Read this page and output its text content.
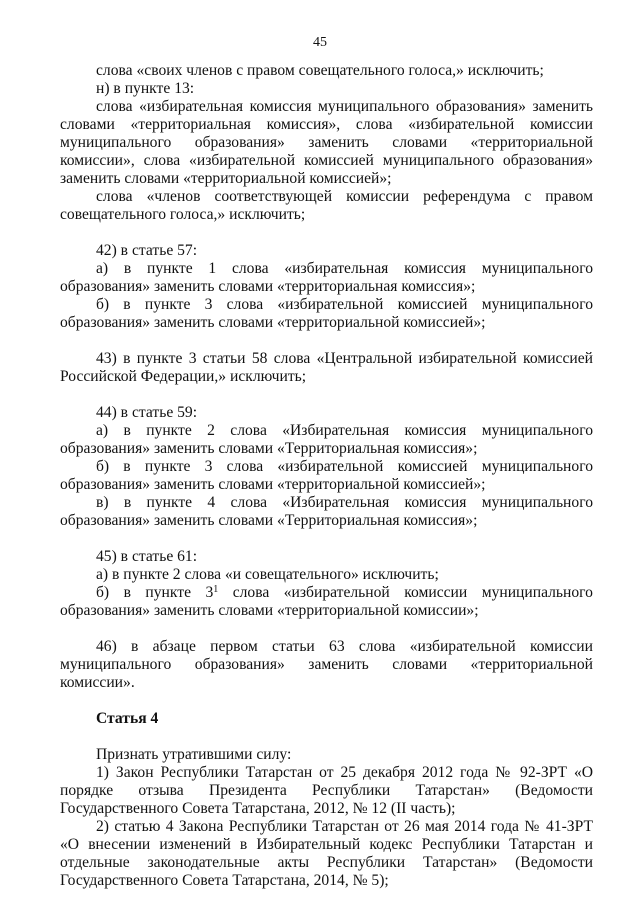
45

слова «своих членов с правом совещательного голоса,» исключить;

н) в пункте 13:

слова «избирательная комиссия муниципального образования» заменить словами «территориальная комиссия», слова «избирательной комиссии муниципального образования» заменить словами «территориальной комиссии», слова «избирательной комиссией муниципального образования» заменить словами «территориальной комиссией»;

слова «членов соответствующей комиссии референдума с правом совещательного голоса,» исключить;

42) в статье 57:

а) в пункте 1 слова «избирательная комиссия муниципального образования» заменить словами «территориальная комиссия»;

б) в пункте 3 слова «избирательной комиссией муниципального образования» заменить словами «территориальной комиссией»;

43) в пункте 3 статьи 58 слова «Центральной избирательной комиссией Российской Федерации,» исключить;

44) в статье 59:

а) в пункте 2 слова «Избирательная комиссия муниципального образования» заменить словами «Территориальная комиссия»;

б) в пункте 3 слова «избирательной комиссией муниципального образования» заменить словами «территориальной комиссией»;

в) в пункте 4 слова «Избирательная комиссия муниципального образования» заменить словами «Территориальная комиссия»;

45) в статье 61:

а) в пункте 2 слова «и совещательного» исключить;

б) в пункте $3^1$ слова «избирательной комиссии муниципального образования» заменить словами «территориальной комиссии»;

46) в абзаце первом статьи 63 слова «избирательной комиссии муниципального образования» заменить словами «территориальной комиссии».

Статья 4

Признать утратившими силу:

1) Закон Республики Татарстан от 25 декабря 2012 года № 92-ЗРТ «О порядке отзыва Президента Республики Татарстан» (Ведомости Государственного Совета Татарстана, 2012, № 12 (II часть);

2) статью 4 Закона Республики Татарстан от 26 мая 2014 года № 41-ЗРТ «О внесении изменений в Избирательный кодекс Республики Татарстан и отдельные законодательные акты Республики Татарстан» (Ведомости Государственного Совета Татарстана, 2014, № 5);
